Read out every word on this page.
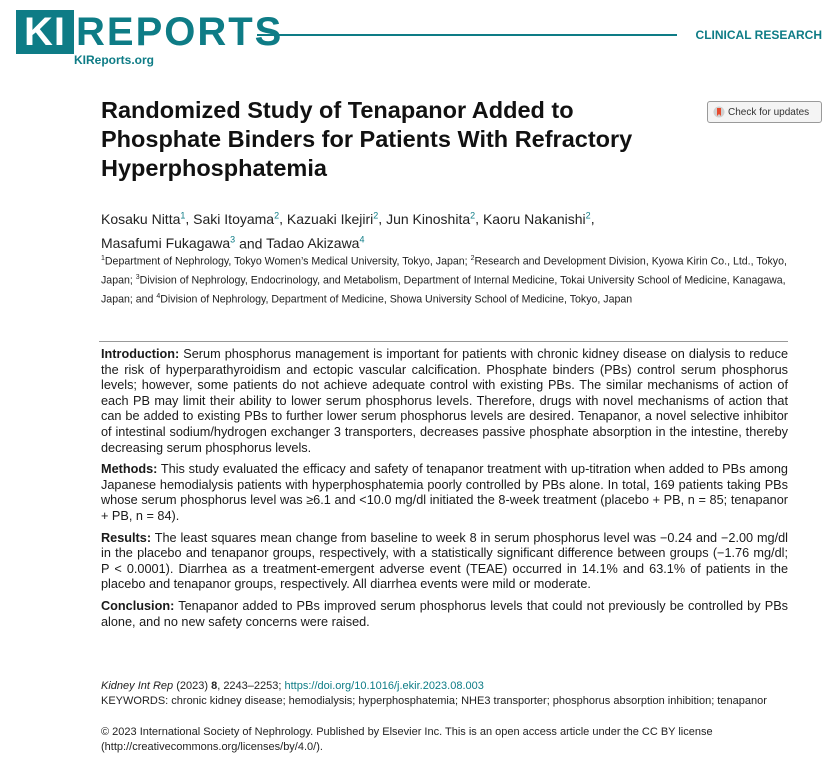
KI REPORTS
KIReports.org
CLINICAL RESEARCH
Randomized Study of Tenapanor Added to Phosphate Binders for Patients With Refractory Hyperphosphatemia
Check for updates
Kosaku Nitta$^1$, Saki Itoyama$^2$, Kazuaki Ikejiri$^2$, Jun Kinoshita$^2$, Kaoru Nakanishi$^2$,
Masafumi Fukagawa$^3$ and Tadao Akizawa$^4$
$^1$Department of Nephrology, Tokyo Women’s Medical University, Tokyo, Japan; $^2$Research and Development Division, Kyowa Kirin Co., Ltd., Tokyo, Japan; $^3$Division of Nephrology, Endocrinology, and Metabolism, Department of Internal Medicine, Tokai University School of Medicine, Kanagawa, Japan; and $^4$Division of Nephrology, Department of Medicine, Showa University School of Medicine, Tokyo, Japan

Introduction: Serum phosphorus management is important for patients with chronic kidney disease on dialysis to reduce the risk of hyperparathyroidism and ectopic vascular calcification. Phosphate binders (PBs) control serum phosphorus levels; however, some patients do not achieve adequate control with existing PBs. The similar mechanisms of action of each PB may limit their ability to lower serum phosphorus levels. Therefore, drugs with novel mechanisms of action that can be added to existing PBs to further lower serum phosphorus levels are desired. Tenapanor, a novel selective inhibitor of intestinal sodium/hydrogen exchanger 3 transporters, decreases passive phosphate absorption in the intestine, thereby decreasing serum phosphorus levels.

Methods: This study evaluated the efficacy and safety of tenapanor treatment with up-titration when added to PBs among Japanese hemodialysis patients with hyperphosphatemia poorly controlled by PBs alone. In total, 169 patients taking PBs whose serum phosphorus level was ≥6.1 and <10.0 mg/dl initiated the 8-week treatment (placebo + PB, n = 85; tenapanor + PB, n = 84).

Results: The least squares mean change from baseline to week 8 in serum phosphorus level was −0.24 and −2.00 mg/dl in the placebo and tenapanor groups, respectively, with a statistically significant difference between groups (−1.76 mg/dl; P < 0.0001). Diarrhea as a treatment-emergent adverse event (TEAE) occurred in 14.1% and 63.1% of patients in the placebo and tenapanor groups, respectively. All diarrhea events were mild or moderate.

Conclusion: Tenapanor added to PBs improved serum phosphorus levels that could not previously be controlled by PBs alone, and no new safety concerns were raised.

Kidney Int Rep (2023) 8, 2243–2253; https://doi.org/10.1016/j.ekir.2023.08.003
KEYWORDS: chronic kidney disease; hemodialysis; hyperphosphatemia; NHE3 transporter; phosphorus absorption inhibition; tenapanor
© 2023 International Society of Nephrology. Published by Elsevier Inc. This is an open access article under the CC BY license (http://creativecommons.org/licenses/by/4.0/).
